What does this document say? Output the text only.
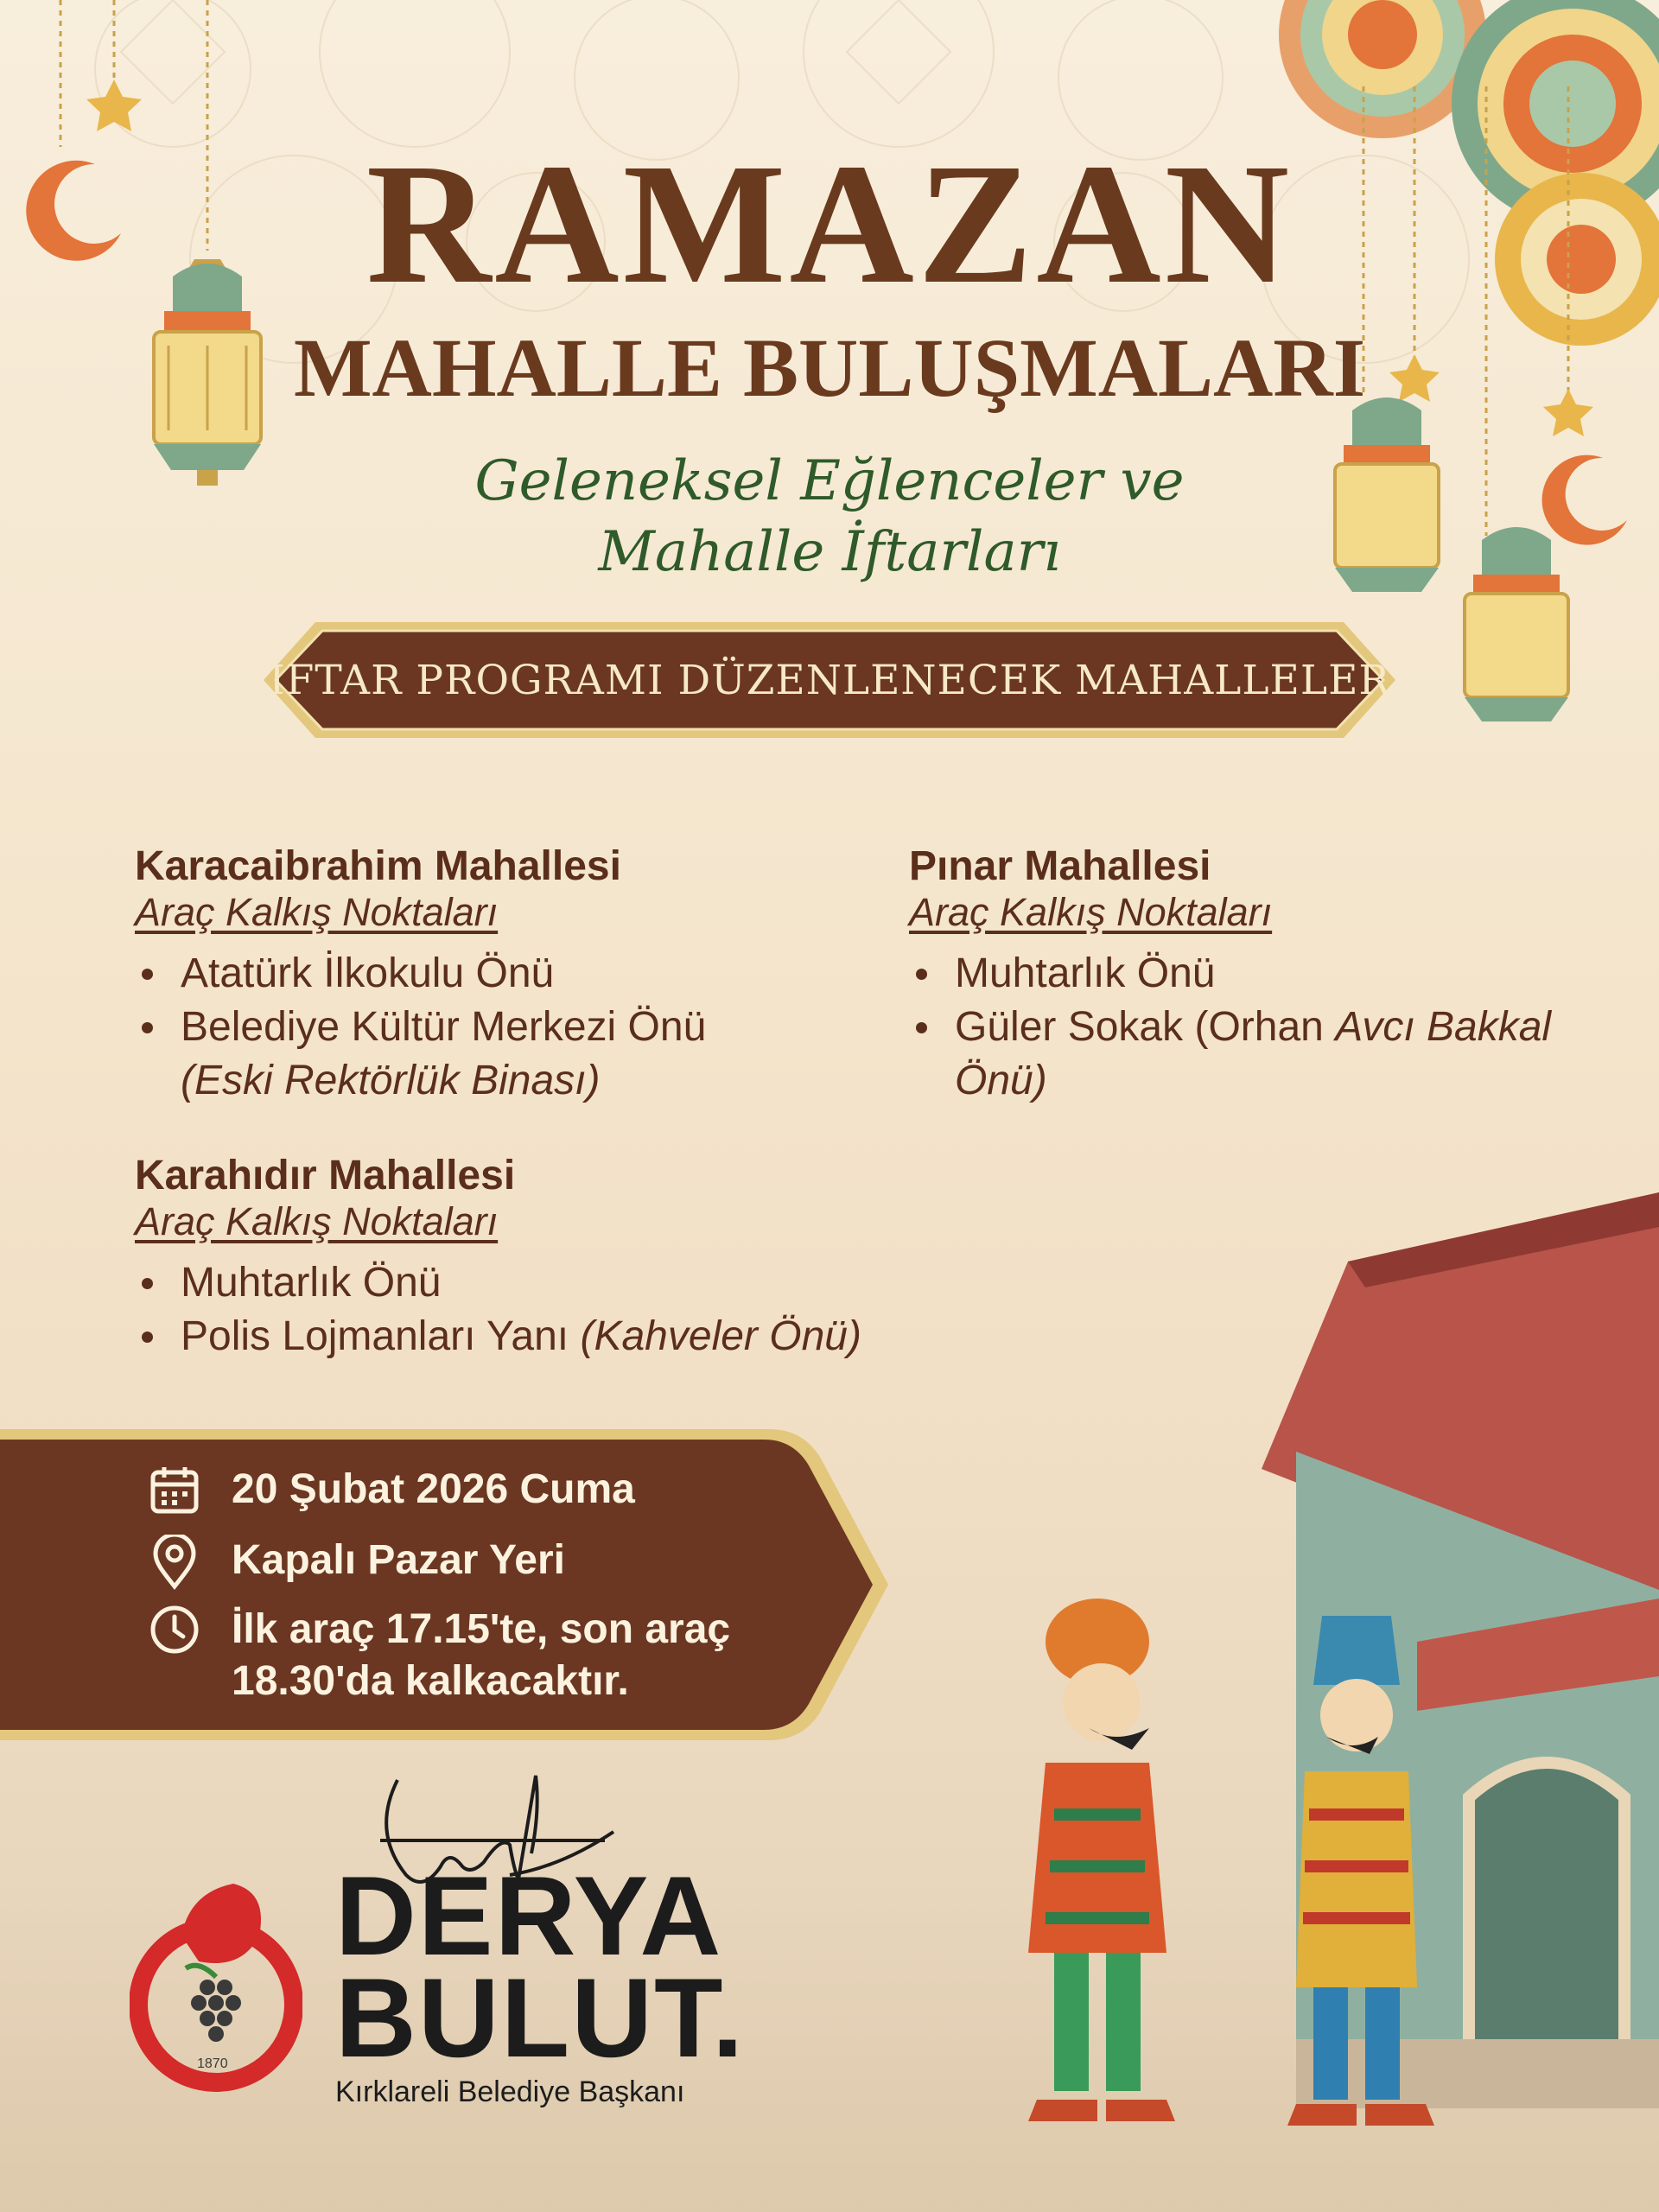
RAMAZAN
MAHALLE BULUŞMALARI
Geleneksel Eğlenceler ve
Mahalle İftarları
İFTAR PROGRAMI DÜZENLENECEK MAHALLELER
Karacaibrahim Mahallesi
Araç Kalkış Noktaları
Atatürk İlkokulu Önü
Belediye Kültür Merkezi Önü
(Eski Rektörlük Binası)
Pınar Mahallesi
Araç Kalkış Noktaları
Muhtarlık Önü
Güler Sokak (Orhan Avcı Bakkal Önü)
Karahıdır Mahallesi
Araç Kalkış Noktaları
Muhtarlık Önü
Polis Lojmanları Yanı (Kahveler Önü)
20 Şubat 2026 Cuma
Kapalı Pazar Yeri
İlk araç 17.15'te, son araç
18.30'da kalkacaktır.
1870
DERYA
BULUT.
Kırklareli Belediye Başkanı
